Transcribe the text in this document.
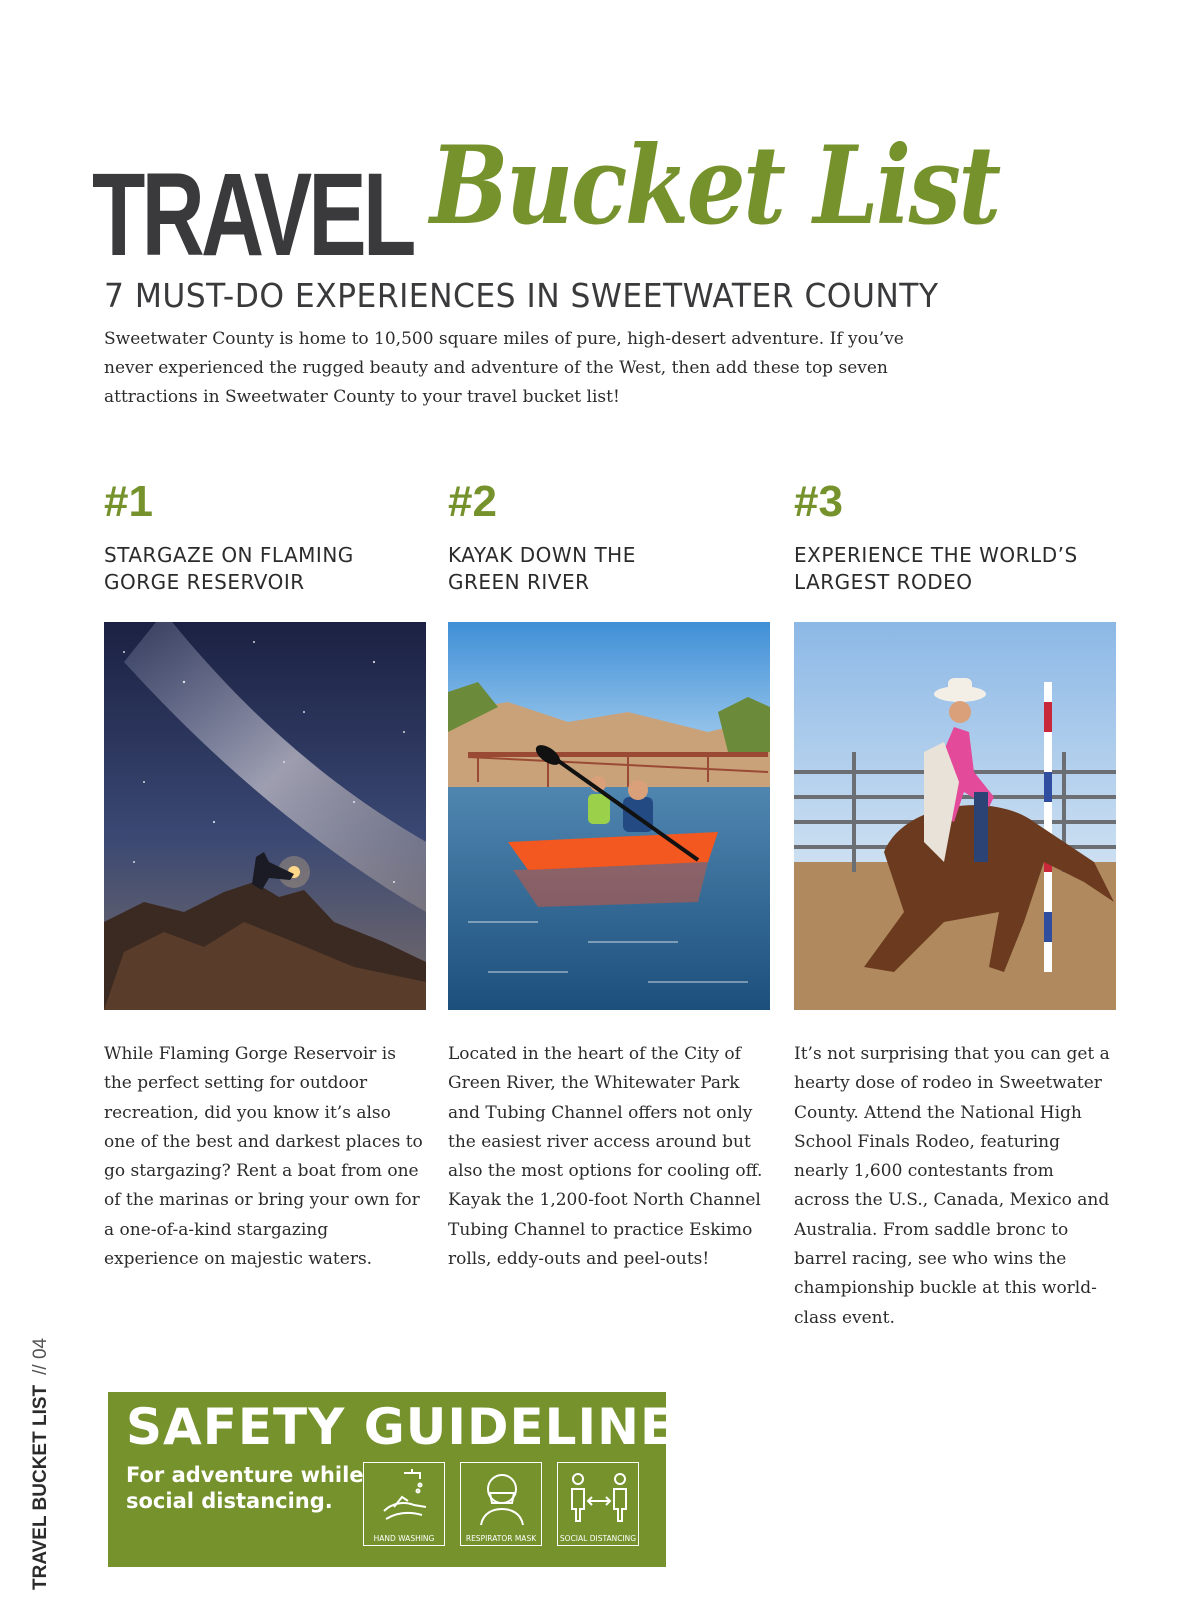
TRAVEL Bucket List
7 MUST-DO EXPERIENCES IN SWEETWATER COUNTY
Sweetwater County is home to 10,500 square miles of pure, high-desert adventure. If you’ve never experienced the rugged beauty and adventure of the West, then add these top seven attractions in Sweetwater County to your travel bucket list!
#1
STARGAZE ON FLAMING
GORGE RESERVOIR
While Flaming Gorge Reservoir is the perfect setting for outdoor recreation, did you know it’s also one of the best and darkest places to go stargazing? Rent a boat from one of the marinas or bring your own for a one-of-a-kind stargazing experience on majestic waters.
#2
KAYAK DOWN THE
GREEN RIVER
Located in the heart of the City of Green River, the Whitewater Park and Tubing Channel offers not only the easiest river access around but also the most options for cooling off. Kayak the 1,200-foot North Channel Tubing Channel to practice Eskimo rolls, eddy-outs and peel-outs!
#3
EXPERIENCE THE WORLD’S
LARGEST RODEO
It’s not surprising that you can get a hearty dose of rodeo in Sweetwater County. Attend the National High School Finals Rodeo, featuring nearly 1,600 contestants from across the U.S., Canada, Mexico and Australia. From saddle bronc to barrel racing, see who wins the championship buckle at this world-class event.
TRAVEL BUCKET LIST// 04
SAFETY GUIDELINES
For adventure while
social distancing.
HAND WASHING	RESPIRATOR MASK	SOCIAL DISTANCING
